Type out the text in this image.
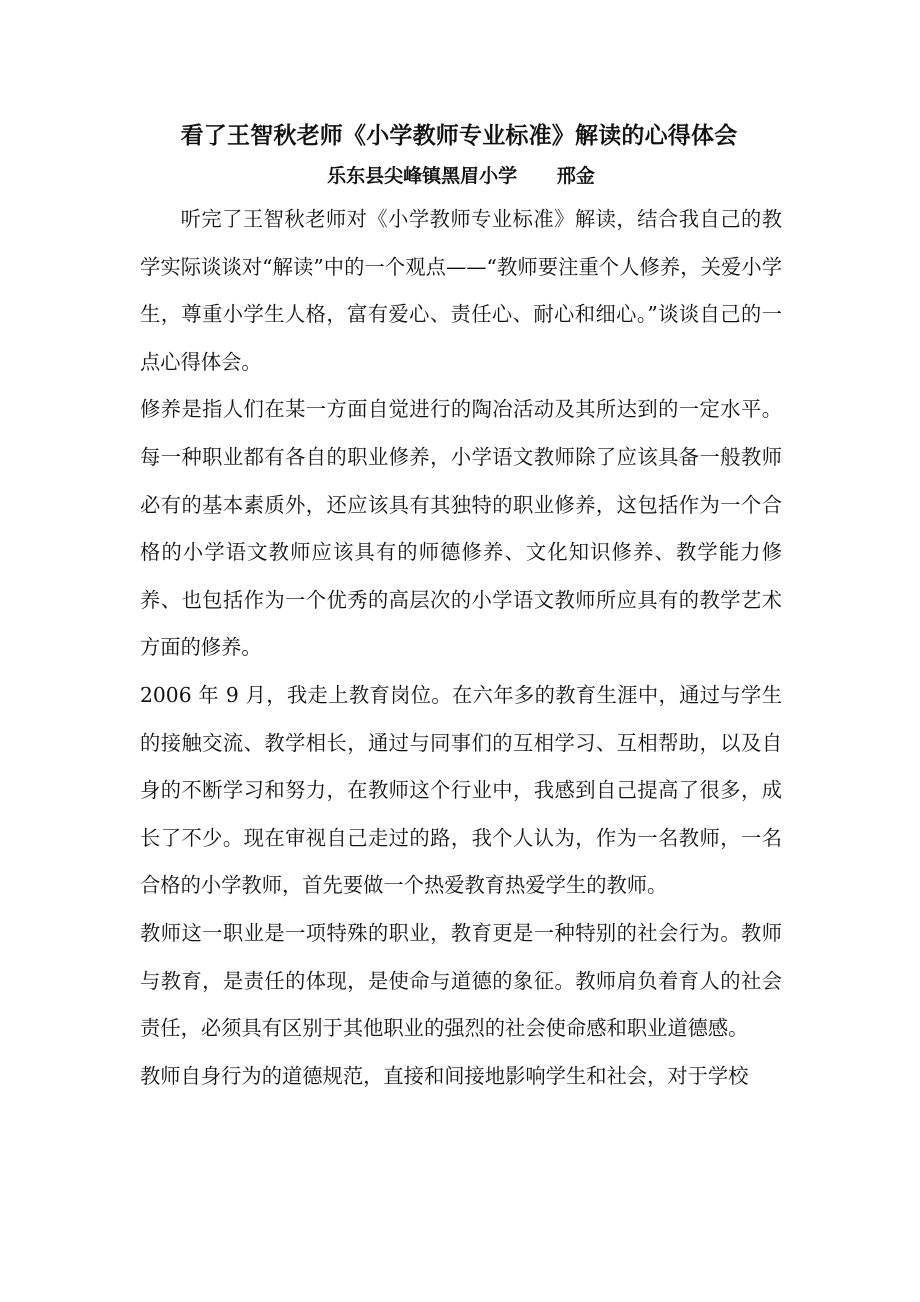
看了王智秋老师《小学教师专业标准》解读的心得体会

乐东县尖峰镇黑眉小学      邢金

听完了王智秋老师对《小学教师专业标准》解读，结合我自己的教学实际谈谈对“解读”中的一个观点——“教师要注重个人修养，关爱小学生，尊重小学生人格，富有爱心、责任心、耐心和细心。”谈谈自己的一点心得体会。

修养是指人们在某一方面自觉进行的陶冶活动及其所达到的一定水平。每一种职业都有各自的职业修养，小学语文教师除了应该具备一般教师必有的基本素质外，还应该具有其独特的职业修养，这包括作为一个合格的小学语文教师应该具有的师德修养、文化知识修养、教学能力修养、也包括作为一个优秀的高层次的小学语文教师所应具有的教学艺术方面的修养。

2006 年 9 月，我走上教育岗位。在六年多的教育生涯中，通过与学生的接触交流、教学相长，通过与同事们的互相学习、互相帮助，以及自身的不断学习和努力，在教师这个行业中，我感到自己提高了很多，成长了不少。现在审视自己走过的路，我个人认为，作为一名教师，一名合格的小学教师，首先要做一个热爱教育热爱学生的教师。

教师这一职业是一项特殊的职业，教育更是一种特别的社会行为。教师与教育，是责任的体现，是使命与道德的象征。教师肩负着育人的社会责任，必须具有区别于其他职业的强烈的社会使命感和职业道德感。

教师自身行为的道德规范，直接和间接地影响学生和社会，对于学校
